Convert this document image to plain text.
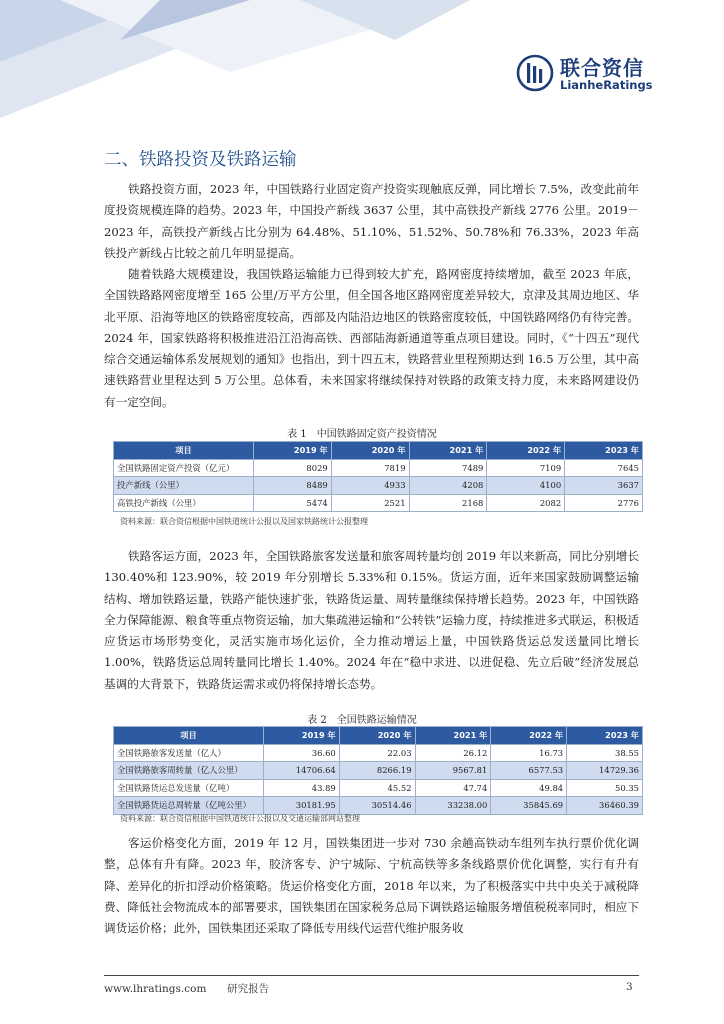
联合资信
LianheRatings
二、铁路投资及铁路运输

铁路投资方面，2023 年，中国铁路行业固定资产投资实现触底反弹，同比增长 7.5%，改变此前年度投资规模连降的趋势。2023 年，中国投产新线 3637 公里，其中高铁投产新线 2776 公里。2019－2023 年，高铁投产新线占比分别为 64.48%、51.10%、51.52%、50.78%和 76.33%，2023 年高铁投产新线占比较之前几年明显提高。

随着铁路大规模建设，我国铁路运输能力已得到较大扩充，路网密度持续增加，截至 2023 年底，全国铁路路网密度增至 165 公里/万平方公里，但全国各地区路网密度差异较大，京津及其周边地区、华北平原、沿海等地区的铁路密度较高，西部及内陆沿边地区的铁路密度较低，中国铁路网络仍有待完善。2024 年，国家铁路将积极推进沿江沿海高铁、西部陆海新通道等重点项目建设。同时，《“十四五”现代综合交通运输体系发展规划的通知》也指出，到十四五末，铁路营业里程预期达到 16.5 万公里，其中高速铁路营业里程达到 5 万公里。总体看，未来国家将继续保持对铁路的政策支持力度，未来路网建设仍有一定空间。

表 1　中国铁路固定资产投资情况
项目	2019 年	2020 年	2021 年	2022 年	2023 年
全国铁路固定资产投资（亿元）	8029	7819	7489	7109	7645
投产新线（公里）	8489	4933	4208	4100	3637
高铁投产新线（公里）	5474	2521	2168	2082	2776
资料来源：联合资信根据中国铁道统计公报以及国家铁路统计公报整理

铁路客运方面，2023 年，全国铁路旅客发送量和旅客周转量均创 2019 年以来新高，同比分别增长 130.40%和 123.90%，较 2019 年分别增长 5.33%和 0.15%。货运方面，近年来国家鼓励调整运输结构、增加铁路运量，铁路产能快速扩张，铁路货运量、周转量继续保持增长趋势。2023 年，中国铁路全力保障能源、粮食等重点物资运输，加大集疏港运输和“公转铁”运输力度，持续推进多式联运，积极适应货运市场形势变化，灵活实施市场化运价，全力推动增运上量，中国铁路货运总发送量同比增长 1.00%，铁路货运总周转量同比增长 1.40%。2024 年在“稳中求进、以进促稳、先立后破”经济发展总基调的大背景下，铁路货运需求或仍将保持增长态势。

表 2　全国铁路运输情况
项目	2019 年	2020 年	2021 年	2022 年	2023 年
全国铁路旅客发送量（亿人）	36.60	22.03	26.12	16.73	38.55
全国铁路旅客周转量（亿人公里）	14706.64	8266.19	9567.81	6577.53	14729.36
全国铁路货运总发送量（亿吨）	43.89	45.52	47.74	49.84	50.35
全国铁路货运总周转量（亿吨公里）	30181.95	30514.46	33238.00	35845.69	36460.39
资料来源：联合资信根据中国铁道统计公报以及交通运输部网站整理

客运价格变化方面，2019 年 12 月，国铁集团进一步对 730 余趟高铁动车组列车执行票价优化调整，总体有升有降。2023 年，胶济客专、沪宁城际、宁杭高铁等多条线路票价优化调整，实行有升有降、差异化的折扣浮动价格策略。货运价格变化方面，2018 年以来，为了积极落实中共中央关于减税降费、降低社会物流成本的部署要求，国铁集团在国家税务总局下调铁路运输服务增值税税率同时，相应下调货运价格；此外，国铁集团还采取了降低专用线代运营代维护服务收

www.lhratings.com 研究报告	3
